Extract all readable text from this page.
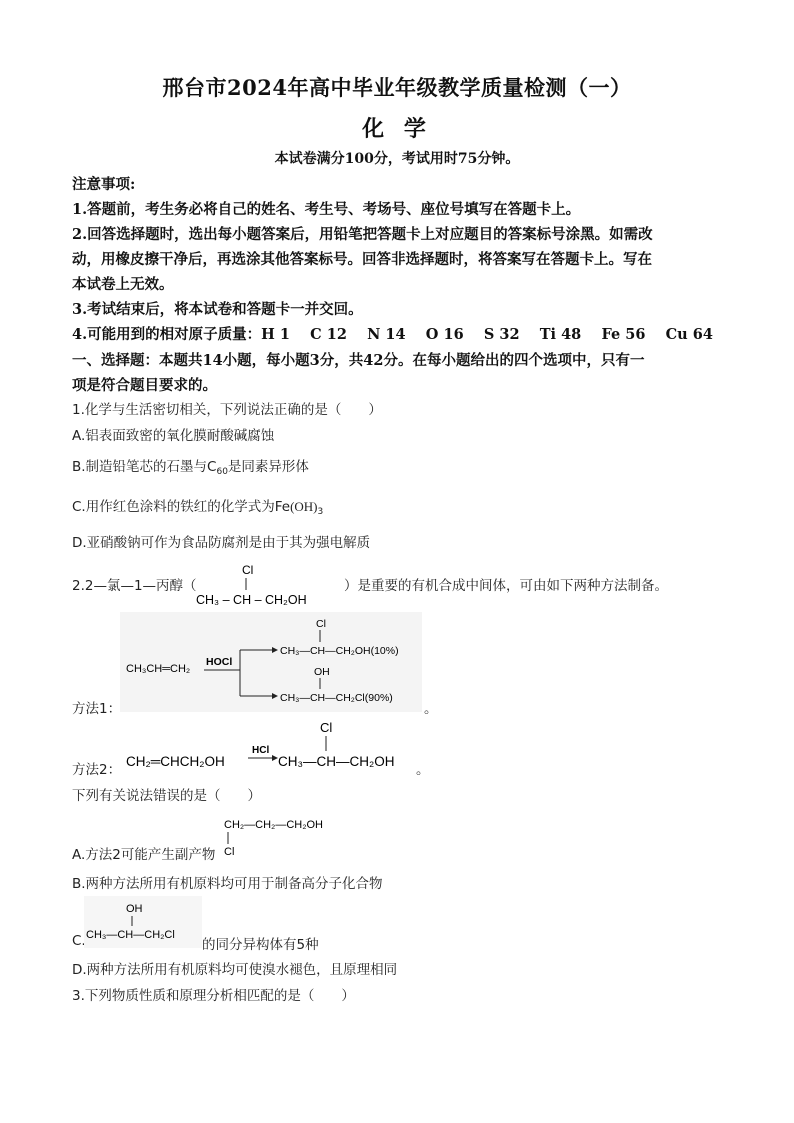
邢台市2024年高中毕业年级教学质量检测（一）
化 学
本试卷满分100分，考试用时75分钟。
注意事项:
1.答题前，考生务必将自己的姓名、考生号、考场号、座位号填写在答题卡上。
2.回答选择题时，选出每小题答案后，用铅笔把答题卡上对应题目的答案标号涂黑。如需改
动，用橡皮擦干净后，再选涂其他答案标号。回答非选择题时，将答案写在答题卡上。写在
本试卷上无效。
3.考试结束后，将本试卷和答题卡一并交回。
4.可能用到的相对原子质量：H 1    C 12    N 14    O 16    S 32    Ti 48    Fe 56    Cu 64
一、选择题：本题共14小题，每小题3分，共42分。在每小题给出的四个选项中，只有一
项是符合题目要求的。
1.化学与生活密切相关，下列说法正确的是（　　）
A.铝表面致密的氧化膜耐酸碱腐蚀
B.制造铅笔芯的石墨与$C_{60}$是同素异形体
C.用作红色涂料的铁红的化学式为$Fe(OH)_3$
D.亚硝酸钠可作为食品防腐剂是由于其为强电解质
2.2—氯—1—丙醇（
Cl
CH₃ – CH – CH₂OH
）是重要的有机合成中间体，可由如下两种方法制备。
CH₃CH═CH₂
HOCl
Cl
CH₃—CH—CH₂OH(10%)
OH
CH₃—CH—CH₂Cl(90%)
方法1：	。
CH₂═CHCH₂OH
HCl
Cl
CH₃—CH—CH₂OH
方法2：	。
下列有关说法错误的是（　　）
CH₂—CH₂—CH₂OH
Cl
A.方法2可能产生副产物
B.两种方法所用有机原料均可用于制备高分子化合物
C.
OH
CH₃—CH—CH₂Cl
的同分异构体有5种
D.两种方法所用有机原料均可使溴水褪色，且原理相同
3.下列物质性质和原理分析相匹配的是（　　）
